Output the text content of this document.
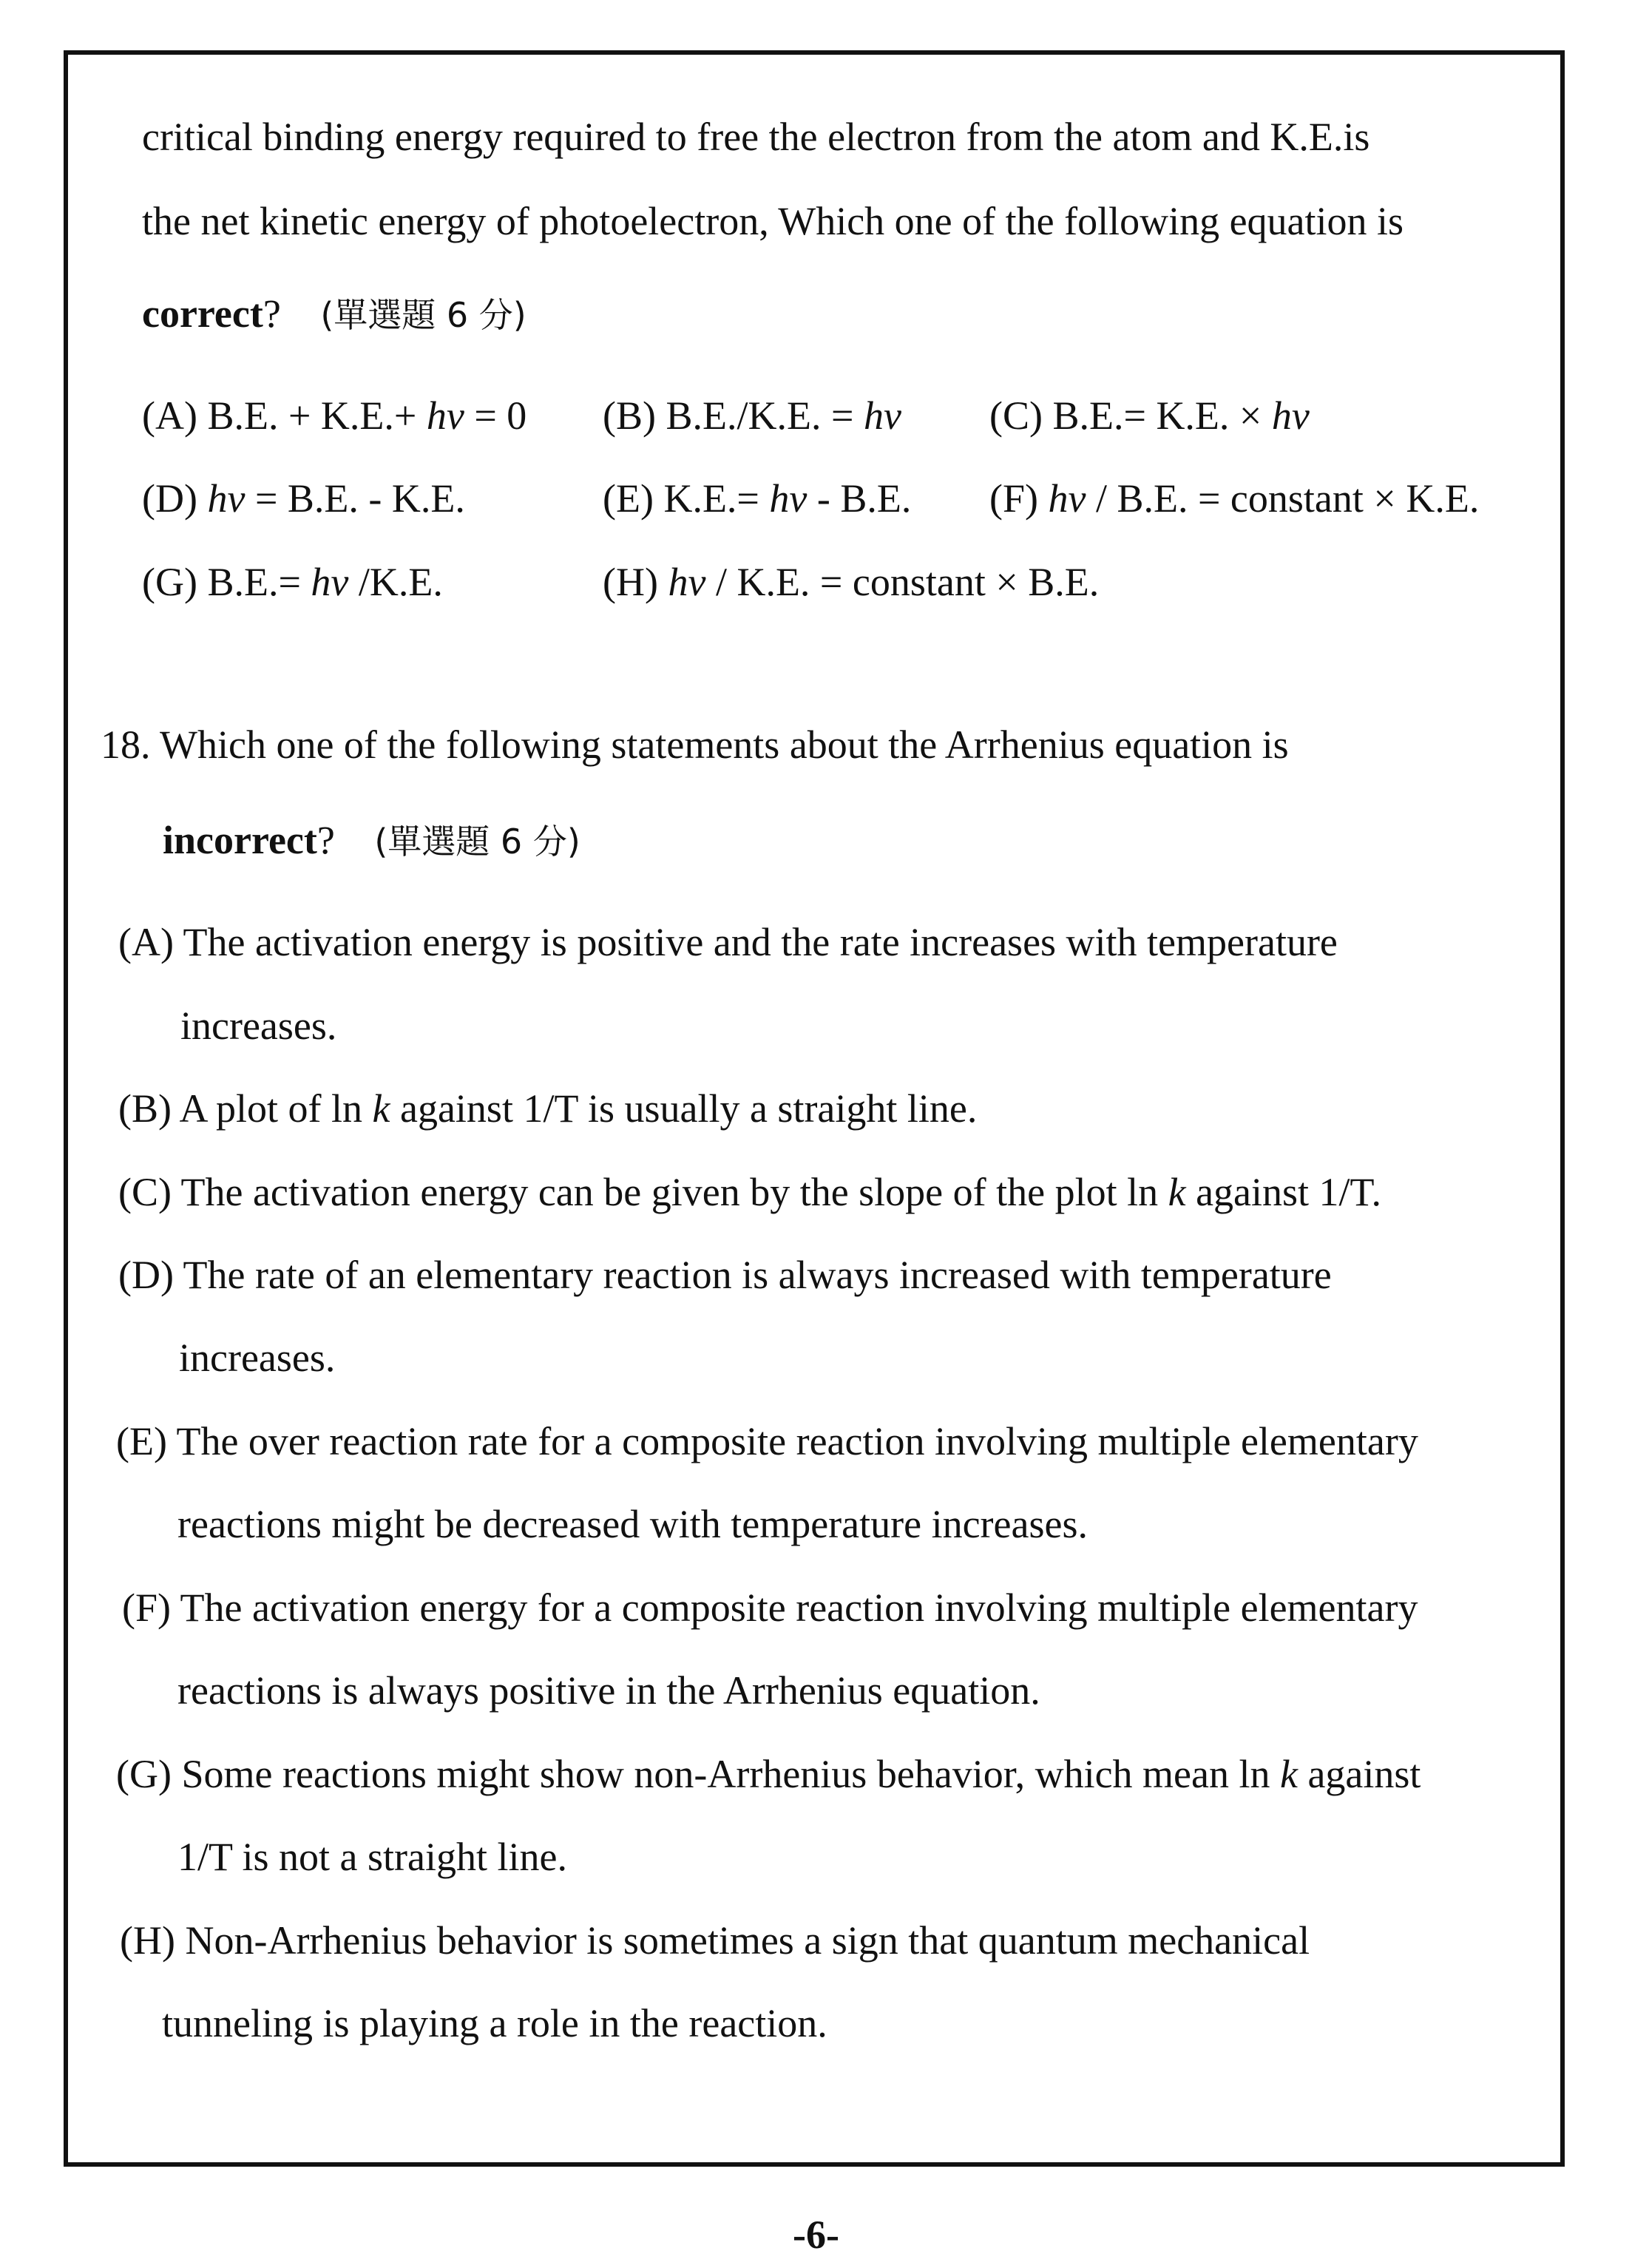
critical binding energy required to free the electron from the atom and K.E.is
the net kinetic energy of photoelectron, Which one of the following equation is
correct? (單選題 6 分)
(A) B.E. + K.E.+ hv = 0 (B) B.E./K.E. = hv (C) B.E.= K.E. × hv
(D) hv = B.E. - K.E.	(E) K.E.= hv - B.E. (F) hv / B.E. = constant × K.E.
(G) B.E.= hv /K.E.	(H) hv / K.E. = constant × B.E.
18. Which one of the following statements about the Arrhenius equation is
incorrect? (單選題 6 分)
(A) The activation energy is positive and the rate increases with temperature
increases.
(B) A plot of ln k against 1/T is usually a straight line.
(C) The activation energy can be given by the slope of the plot ln k against 1/T.
(D) The rate of an elementary reaction is always increased with temperature
increases.
(E) The over reaction rate for a composite reaction involving multiple elementary
reactions might be decreased with temperature increases.
(F) The activation energy for a composite reaction involving multiple elementary
reactions is always positive in the Arrhenius equation.
(G) Some reactions might show non-Arrhenius behavior, which mean ln k against
1/T is not a straight line.
(H) Non-Arrhenius behavior is sometimes a sign that quantum mechanical
tunneling is playing a role in the reaction.
-6-
